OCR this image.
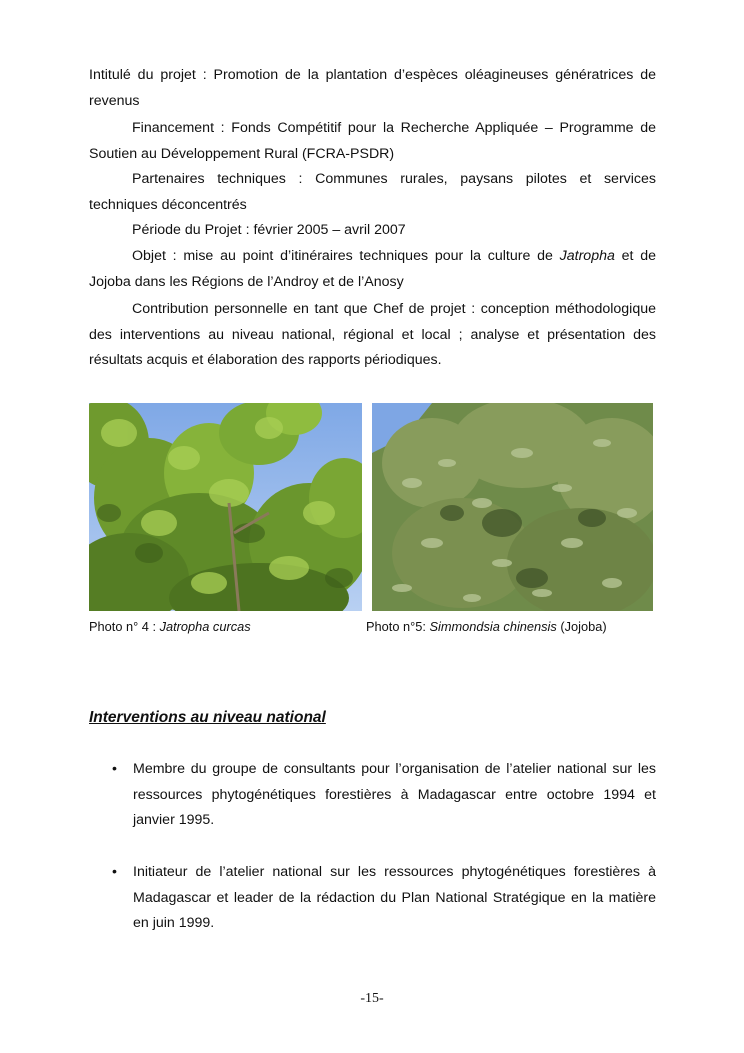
Intitulé du projet : Promotion de la plantation d’espèces oléagineuses génératrices de revenus
Financement : Fonds Compétitif pour la Recherche Appliquée – Programme de Soutien au Développement Rural (FCRA-PSDR)
Partenaires techniques : Communes rurales, paysans pilotes et services techniques déconcentrés
Période du Projet : février 2005 – avril 2007
Objet : mise au point d’itinéraires techniques pour la culture de Jatropha et de Jojoba dans les Régions de l’Androy et de l’Anosy
Contribution personnelle en tant que Chef de projet : conception méthodologique des interventions au niveau national, régional et local ; analyse et présentation des résultats acquis et élaboration des rapports périodiques.
Photo n° 4 : Jatropha curcas	Photo n°5: Simmondsia chinensis (Jojoba)
Interventions au niveau national
• Membre du groupe de consultants pour l’organisation de l’atelier national sur les ressources phytogénétiques forestières à Madagascar entre octobre 1994 et janvier 1995.
• Initiateur de l’atelier national sur les ressources phytogénétiques forestières à Madagascar et leader de la rédaction du Plan National Stratégique en la matière en juin 1999.
-15-
